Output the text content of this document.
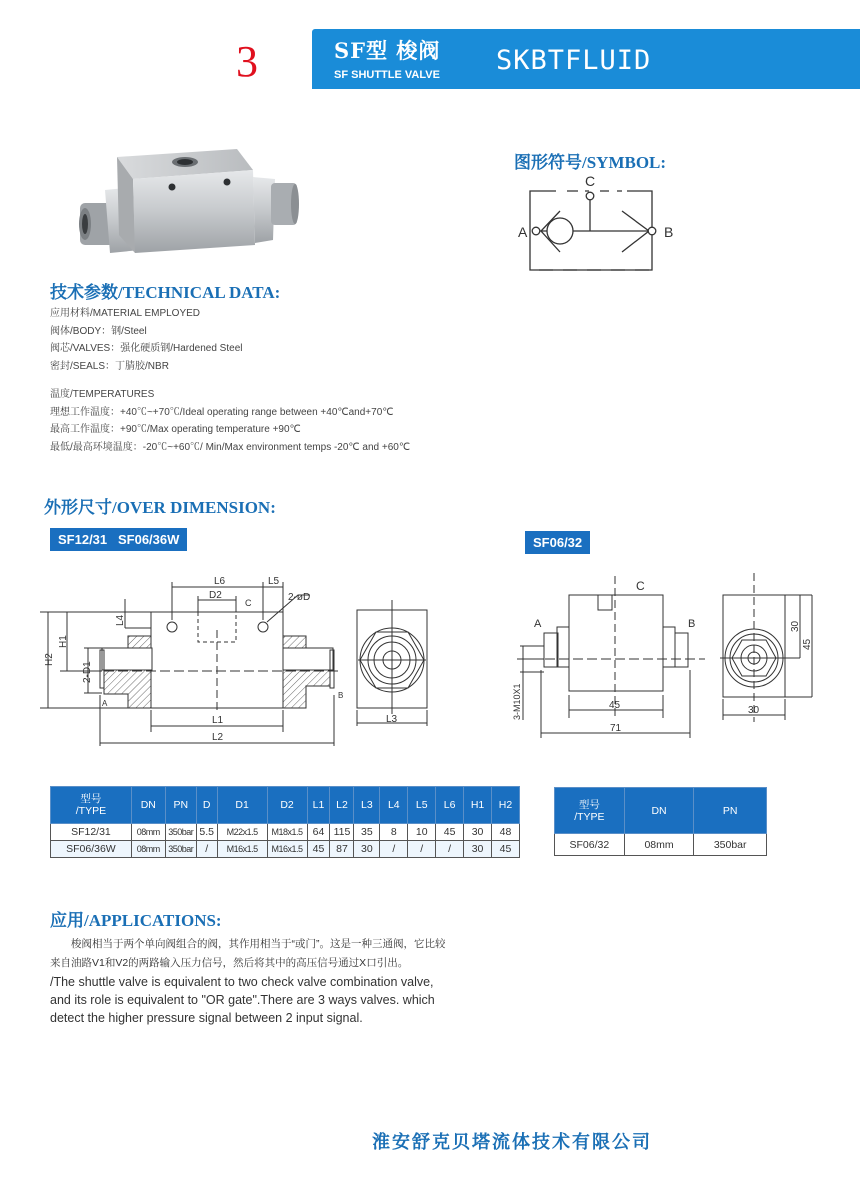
3	SF型 梭阀
SF SHUTTLE VALVE SKBTFLUID
图形符号/SYMBOL:
A	B
C
技术参数/TECHNICAL DATA:
应用材料/MATERIAL EMPLOYED
阀体/BODY：钢/Steel
阀芯/VALVES：强化硬质钢/Hardened Steel
密封/SEALS：丁腈胶/NBR
温度/TEMPERATURES
理想工作温度：+40℃~+70℃/Ideal operating range between +40℃and+70℃
最高工作温度：+90℃/Max operating temperature +90℃
最低/最高环境温度：-20℃~+60℃/ Min/Max environment temps -20℃ and +60℃
外形尺寸/OVER DIMENSION:
SF12/31   SF06/36W	SF06/32
L6	L5
D2
C	2-øD
L4
H1
H2
2-D1
A
B
L1
L2
L3
C
A	B
3-M10X1	45
71
30
30
45
型号
/TYPE	DN	PN	D	D1	D2	L1	L2	L3	L4	L5	L6	H1	H2
SF12/31	08mm	350bar	5.5	M22x1.5	M18x1.5	64	115	35	8	10	45	30	48
SF06/36W	08mm	350bar	/	M16x1.5	M16x1.5	45	87	30	/	/	/	30	45
型号
/TYPE	DN	PN
SF06/32	08mm	350bar
应用/APPLICATIONS:
　　梭阀相当于两个单向阀组合的阀，其作用相当于“或门”。这是一种三通阀，它比较来自油路V1和V2的两路输入压力信号，然后将其中的高压信号通过X口引出。
/The shuttle valve is equivalent to two check valve combination valve, and its role is equivalent to "OR gate".There are 3 ways valves. which detect the higher pressure signal between 2 input signal.
淮安舒克贝塔流体技术有限公司
